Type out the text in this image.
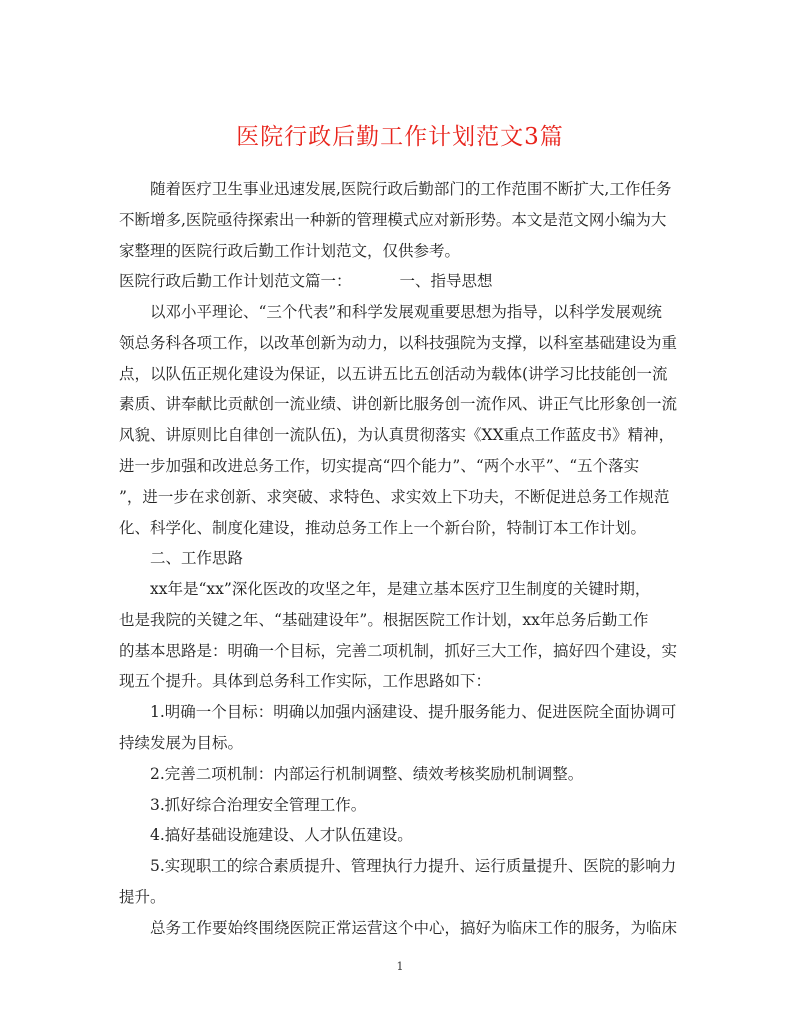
医院行政后勤工作计划范文3篇
随着医疗卫生事业迅速发展,医院行政后勤部门的工作范围不断扩大,工作任务
不断增多,医院亟待探索出一种新的管理模式应对新形势。本文是范文网小编为大
家整理的医院行政后勤工作计划范文，仅供参考。
医院行政后勤工作计划范文篇一：	一、指导思想
以邓小平理论、“三个代表”和科学发展观重要思想为指导，以科学发展观统
领总务科各项工作，以改革创新为动力，以科技强院为支撑，以科室基础建设为重
点，以队伍正规化建设为保证，以五讲五比五创活动为载体(讲学习比技能创一流
素质、讲奉献比贡献创一流业绩、讲创新比服务创一流作风、讲正气比形象创一流
风貌、讲原则比自律创一流队伍)，为认真贯彻落实《XX重点工作蓝皮书》精神，
进一步加强和改进总务工作，切实提高“四个能力”、“两个水平”、“五个落实
”，进一步在求创新、求突破、求特色、求实效上下功夫，不断促进总务工作规范
化、科学化、制度化建设，推动总务工作上一个新台阶，特制订本工作计划。
二、工作思路
xx年是“xx”深化医改的攻坚之年，是建立基本医疗卫生制度的关键时期，
也是我院的关键之年、“基础建设年”。根据医院工作计划，xx年总务后勤工作
的基本思路是：明确一个目标，完善二项机制，抓好三大工作，搞好四个建设，实
现五个提升。具体到总务科工作实际，工作思路如下：
1.明确一个目标：明确以加强内涵建设、提升服务能力、促进医院全面协调可
持续发展为目标。
2.完善二项机制：内部运行机制调整、绩效考核奖励机制调整。
3.抓好综合治理安全管理工作。
4.搞好基础设施建设、人才队伍建设。
5.实现职工的综合素质提升、管理执行力提升、运行质量提升、医院的影响力
提升。
总务工作要始终围绕医院正常运营这个中心，搞好为临床工作的服务，为临床
1
